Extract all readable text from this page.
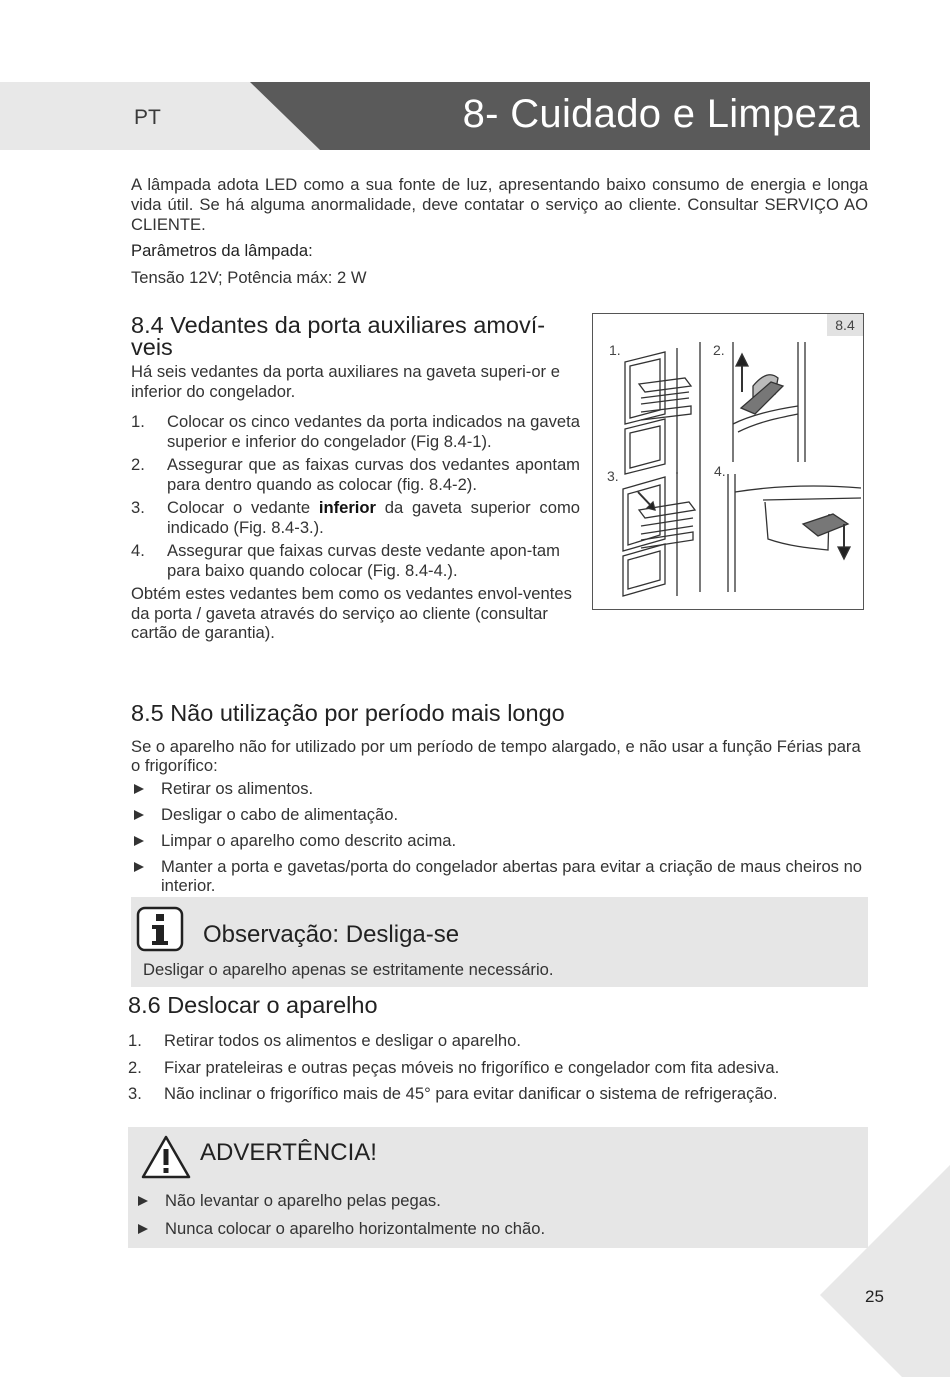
PT	8- Cuidado e Limpeza

A lâmpada adota LED como a sua fonte de luz, apresentando baixo consumo de energia e longa vida útil. Se há alguma anormalidade, deve contatar o serviço ao cliente. Consultar SERVIÇO AO CLIENTE.

Parâmetros da lâmpada:

Tensão 12V; Potência máx: 2 W

8.4 Vedantes da porta auxiliares amoví-veis

Há seis vedantes da porta auxiliares na gaveta superi-or e inferior do congelador.

1. Colocar os cinco vedantes da porta indicados na gaveta superior e inferior do congelador (Fig 8.4-1).
2. Assegurar que as faixas curvas dos vedantes apontam para dentro quando as colocar (fig. 8.4-2).
3. Colocar o vedante inferior da gaveta superior como indicado (Fig. 8.4-3.).
4. Assegurar que faixas curvas deste vedante apon-tam para baixo quando colocar (Fig. 8.4-4.).

Obtém estes vedantes bem como os vedantes envol-ventes da porta / gaveta através do serviço ao cliente (consultar cartão de garantia).

8.4
1.	2.
3.	4.
8.5 Não utilização por período mais longo

Se o aparelho não for utilizado por um período de tempo alargado, e não usar a função Férias para o frigorífico:

Retirar os alimentos.
Desligar o cabo de alimentação.
Limpar o aparelho como descrito acima.
Manter a porta e gavetas/porta do congelador abertas para evitar a criação de maus cheiros no interior.
Observação: Desliga-se
Desligar o aparelho apenas se estritamente necessário.
8.6 Deslocar o aparelho
1. Retirar todos os alimentos e desligar o aparelho.
2. Fixar prateleiras e outras peças móveis no frigorífico e congelador com fita adesiva.
3. Não inclinar o frigorífico mais de 45° para evitar danificar o sistema de refrigeração.
ADVERTÊNCIA!
Não levantar o aparelho pelas pegas.
Nunca colocar o aparelho horizontalmente no chão.
25
